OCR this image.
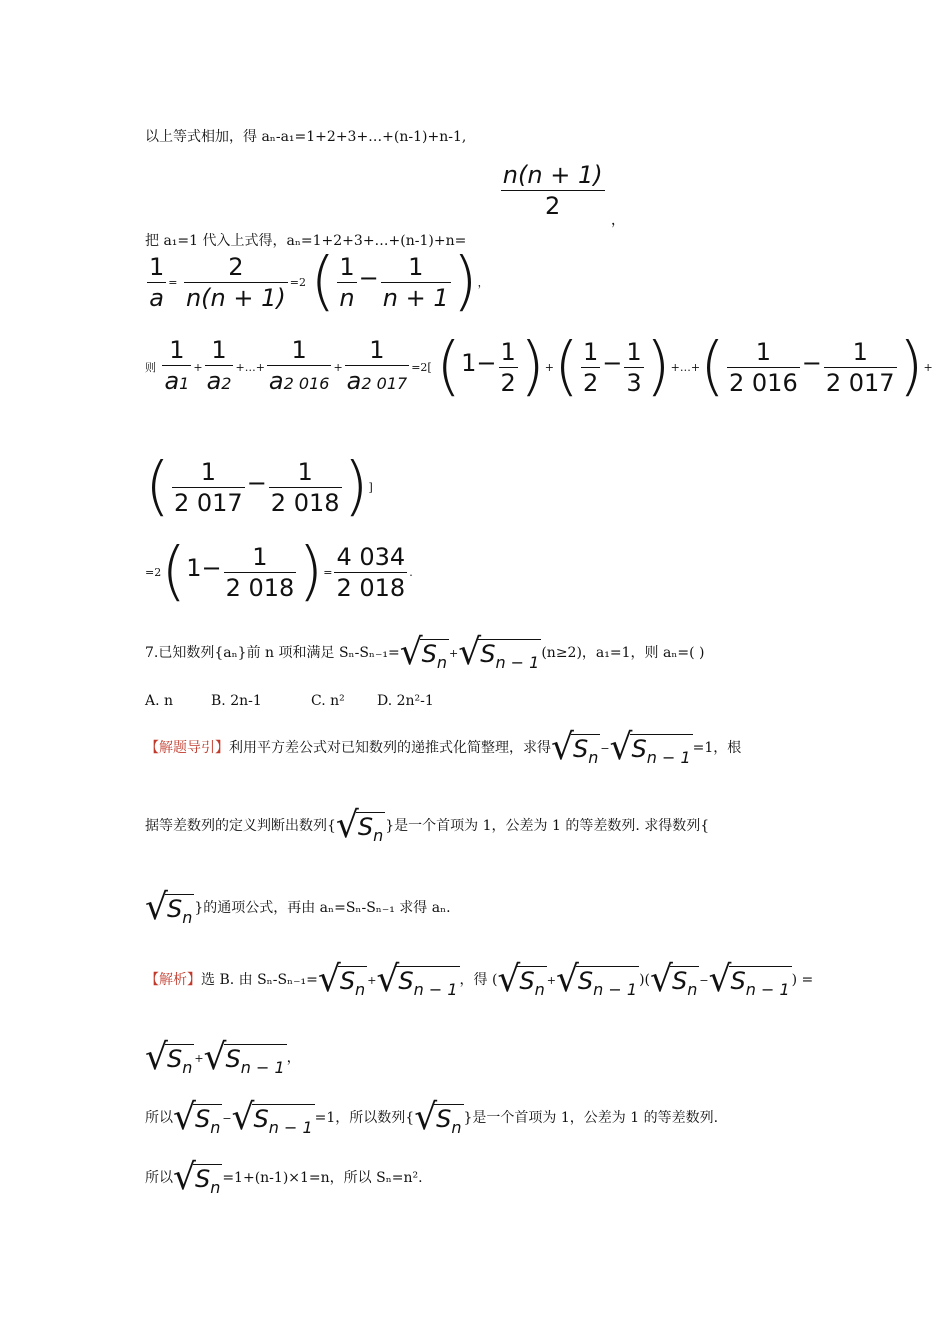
以上等式相加，得 aₙ-a₁=1+2+3+…+(n-1)+n-1,
把 a₁=1 代入上式得，aₙ=1+2+3+…+(n-1)+n=
$\frac{n(n + 1)}{2}$ ，
$\frac{1}{a} = \frac{2}{n(n + 1)} =2$ ( $\frac{1}{n} - \frac{1}{n + 1}$ )，
则 $\frac{1}{a1} + \frac{1}{a2}$ +…+ $\frac{1}{a2 016} + \frac{1}{a2 017} =2$[ ($1- \frac{1}{2}$ )+( $\frac{1}{2} - \frac{1}{3}$ )+…+( $\frac{1}{2 016} - \frac{1}{2 017}$ )+
( $\frac{1}{2 017} - \frac{1}{2 018}$ )]
$=2(1- \frac{1}{2 018}$ )= $\frac{4 034}{2 018}$ .
7.已知数列{aₙ}前 n 项和满足 $S_n-S_{n-1}=√S_n +√S_{n - 1}$ (n≥2)，a₁=1，则 aₙ=( )
A. n	B. 2n-1	C. n² D. 2n²-1
【解题导引】利用平方差公式对已知数列的递推式化简整理，求得$√S_n -√S_{n - 1} =1$，根
据等差数列的定义判断出数列{$√S_n$ }是一个首项为 1，公差为 1 的等差数列. 求得数列{
$√S_n$ }的通项公式，再由 aₙ=Sₙ-Sₙ₋₁ 求得 aₙ.
【解析】选 B. 由 $S_n-S_{n-1}=√S_n +√S_{n - 1}$ ，得 ($√S_n +√S_{n - 1}$ )($√S_n -√S_{n - 1}$ ) =
$√S_n +√S_{n - 1}$ ，
所以$√S_n -√S_{n - 1} =1$，所以数列{$√S_n$ }是一个首项为 1，公差为 1 的等差数列.
所以$√S_n =1+(n-1)\times 1=n$，所以 Sₙ=n².
